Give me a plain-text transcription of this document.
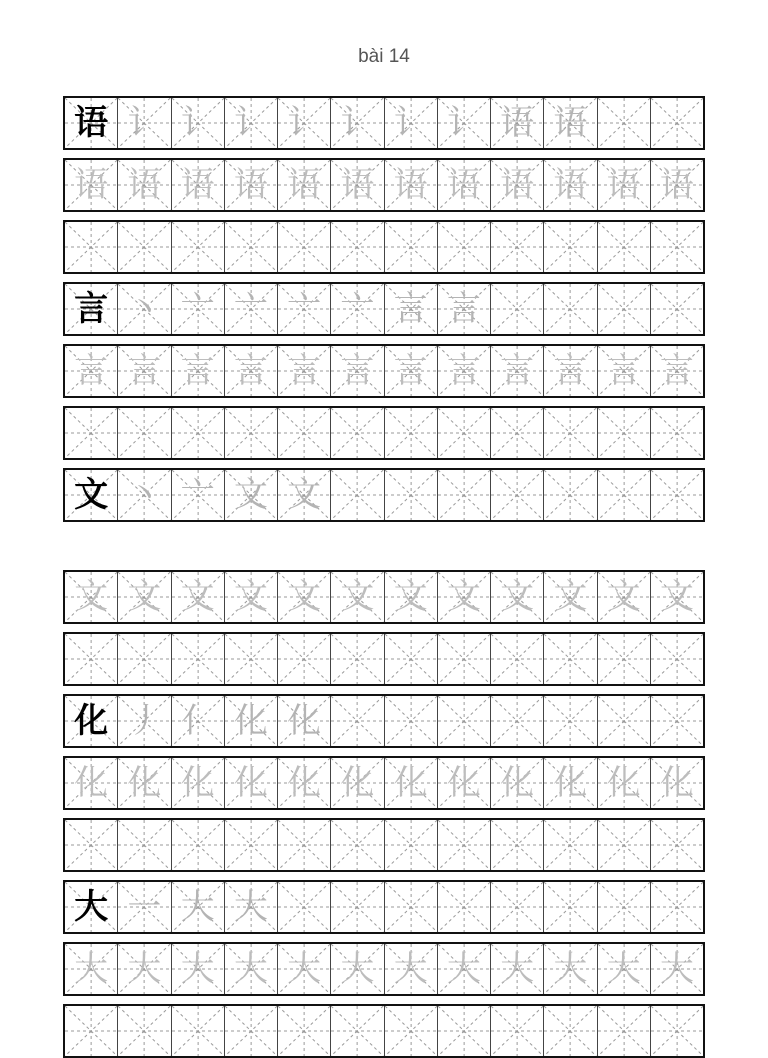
bài 14
语 讠 讠 讠 讠 讠 讠 讠 语 语
语 语 语 语 语 语 语 语 语 语 语 语
言 丶 亠 亠 亠 亠 言 言
言 言 言 言 言 言 言 言 言 言 言 言
文 丶 亠 文 文
文 文 文 文 文 文 文 文 文 文 文 文
化 丿 亻 化 化
化 化 化 化 化 化 化 化 化 化 化 化
大 一 大 大
大 大 大 大 大 大 大 大 大 大 大 大
